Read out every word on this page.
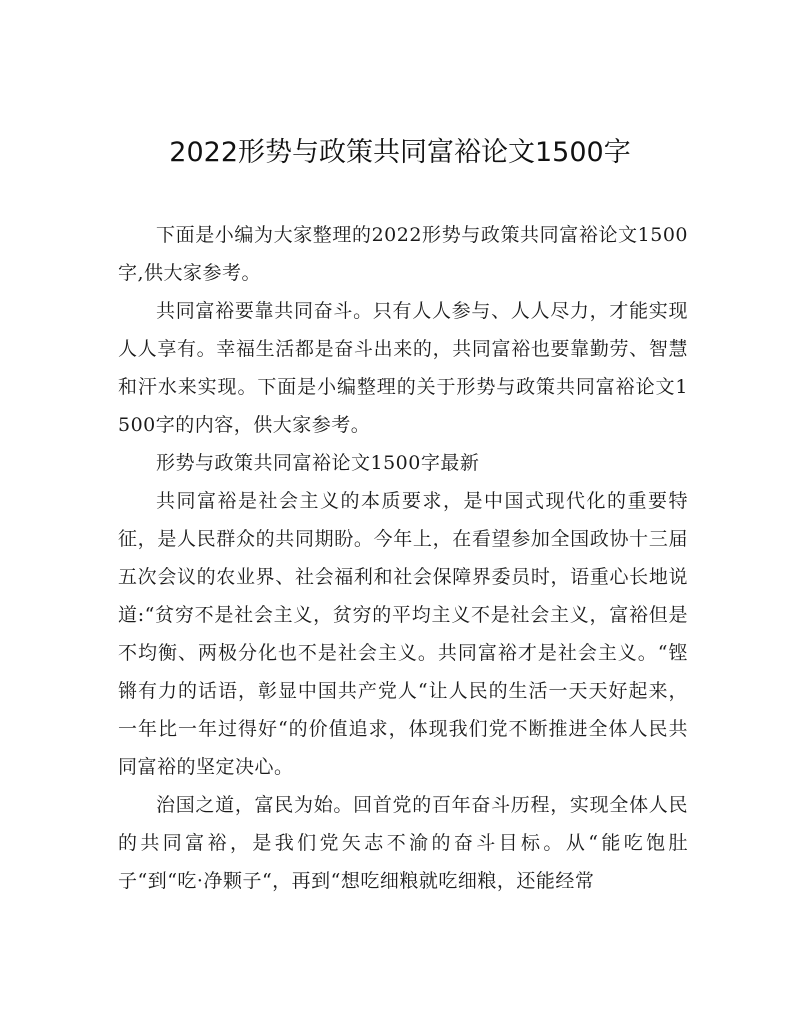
2022形势与政策共同富裕论文1500字

下面是小编为大家整理的2022形势与政策共同富裕论文1500字,供大家参考。

共同富裕要靠共同奋斗。只有人人参与、人人尽力，才能实现人人享有。幸福生活都是奋斗出来的，共同富裕也要靠勤劳、智慧和汗水来实现。下面是小编整理的关于形势与政策共同富裕论文1500字的内容，供大家参考。

形势与政策共同富裕论文1500字最新

共同富裕是社会主义的本质要求，是中国式现代化的重要特征，是人民群众的共同期盼。今年上，在看望参加全国政协十三届五次会议的农业界、社会福利和社会保障界委员时，语重心长地说道:“贫穷不是社会主义，贫穷的平均主义不是社会主义，富裕但是不均衡、两极分化也不是社会主义。共同富裕才是社会主义。“铿锵有力的话语，彰显中国共产党人“让人民的生活一天天好起来，一年比一年过得好“的价值追求，体现我们党不断推进全体人民共同富裕的坚定决心。

治国之道，富民为始。回首党的百年奋斗历程，实现全体人民的共同富裕，是我们党矢志不渝的奋斗目标。从“能吃饱肚子“到“吃·净颗子“，再到“想吃细粮就吃细粮，还能经常
